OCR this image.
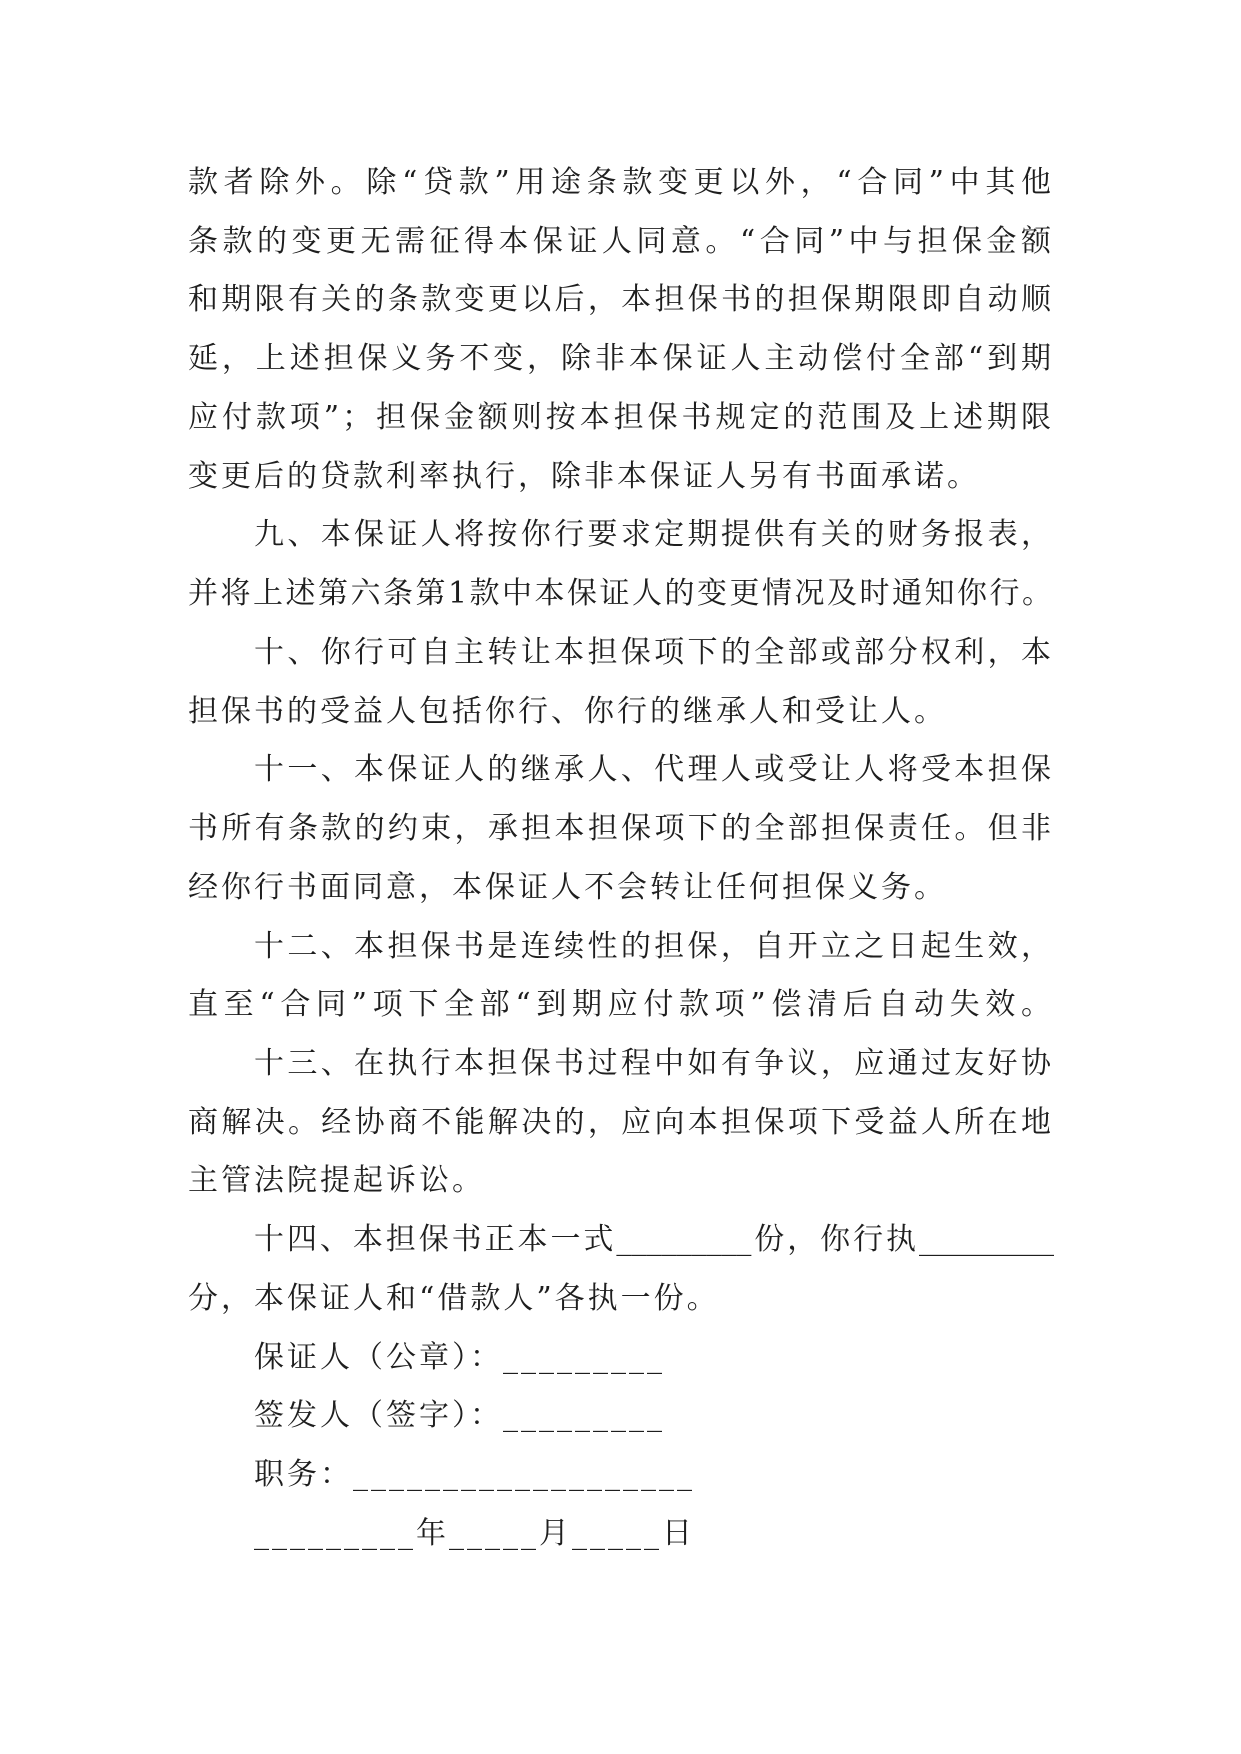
款者除外。除“贷款”用途条款变更以外，“合同”中其他
条款的变更无需征得本保证人同意。“合同”中与担保金额
和期限有关的条款变更以后，本担保书的担保期限即自动顺
延，上述担保义务不变，除非本保证人主动偿付全部“到期
应付款项”；担保金额则按本担保书规定的范围及上述期限
变更后的贷款利率执行，除非本保证人另有书面承诺。
九、本保证人将按你行要求定期提供有关的财务报表，
并将上述第六条第1款中本保证人的变更情况及时通知你行。
十、你行可自主转让本担保项下的全部或部分权利，本
担保书的受益人包括你行、你行的继承人和受让人。
十一、本保证人的继承人、代理人或受让人将受本担保
书所有条款的约束，承担本担保项下的全部担保责任。但非
经你行书面同意，本保证人不会转让任何担保义务。
十二、本担保书是连续性的担保，自开立之日起生效，
直至“合同”项下全部“到期应付款项”偿清后自动失效。
十三、在执行本担保书过程中如有争议，应通过友好协
商解决。经协商不能解决的，应向本担保项下受益人所在地
主管法院提起诉讼。
十四、本担保书正本一式_________份，你行执_________
分，本保证人和“借款人”各执一份。
保证人（公章）：_________
签发人（签字）：_________
职务：___________________
_________年_____月_____日
